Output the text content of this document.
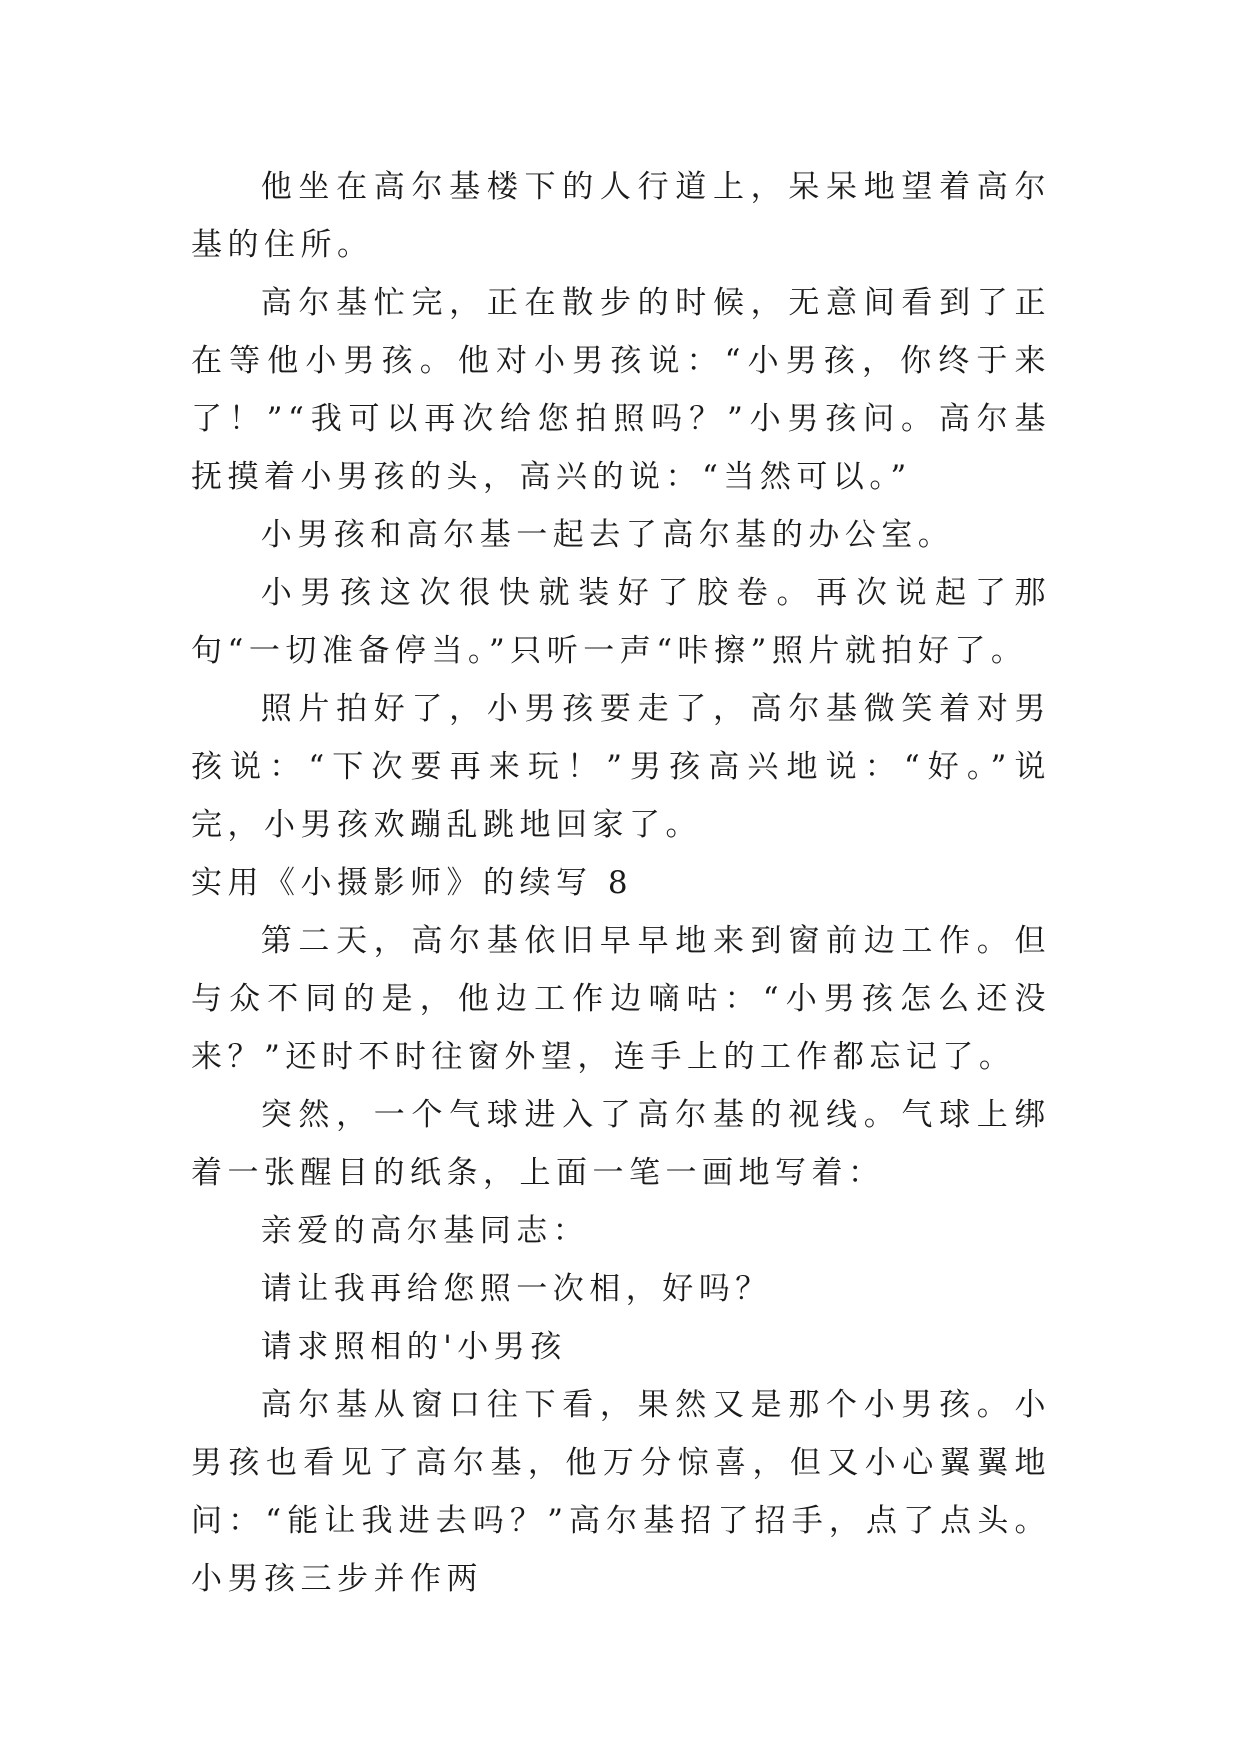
他坐在高尔基楼下的人行道上，呆呆地望着高尔基的住所。

高尔基忙完，正在散步的时候，无意间看到了正在等他小男孩。他对小男孩说：“小男孩，你终于来了！”“我可以再次给您拍照吗？”小男孩问。高尔基抚摸着小男孩的头，高兴的说：“当然可以。”

小男孩和高尔基一起去了高尔基的办公室。

小男孩这次很快就装好了胶卷。再次说起了那句“一切准备停当。”只听一声“咔擦”照片就拍好了。

照片拍好了，小男孩要走了，高尔基微笑着对男孩说：“下次要再来玩！”男孩高兴地说：“好。”说完，小男孩欢蹦乱跳地回家了。

实用《小摄影师》的续写 8

第二天，高尔基依旧早早地来到窗前边工作。但与众不同的是，他边工作边嘀咕：“小男孩怎么还没来？”还时不时往窗外望，连手上的工作都忘记了。

突然，一个气球进入了高尔基的视线。气球上绑着一张醒目的纸条，上面一笔一画地写着：

亲爱的高尔基同志：

请让我再给您照一次相，好吗？

请求照相的'小男孩

高尔基从窗口往下看，果然又是那个小男孩。小男孩也看见了高尔基，他万分惊喜，但又小心翼翼地问：“能让我进去吗？”高尔基招了招手，点了点头。小男孩三步并作两
